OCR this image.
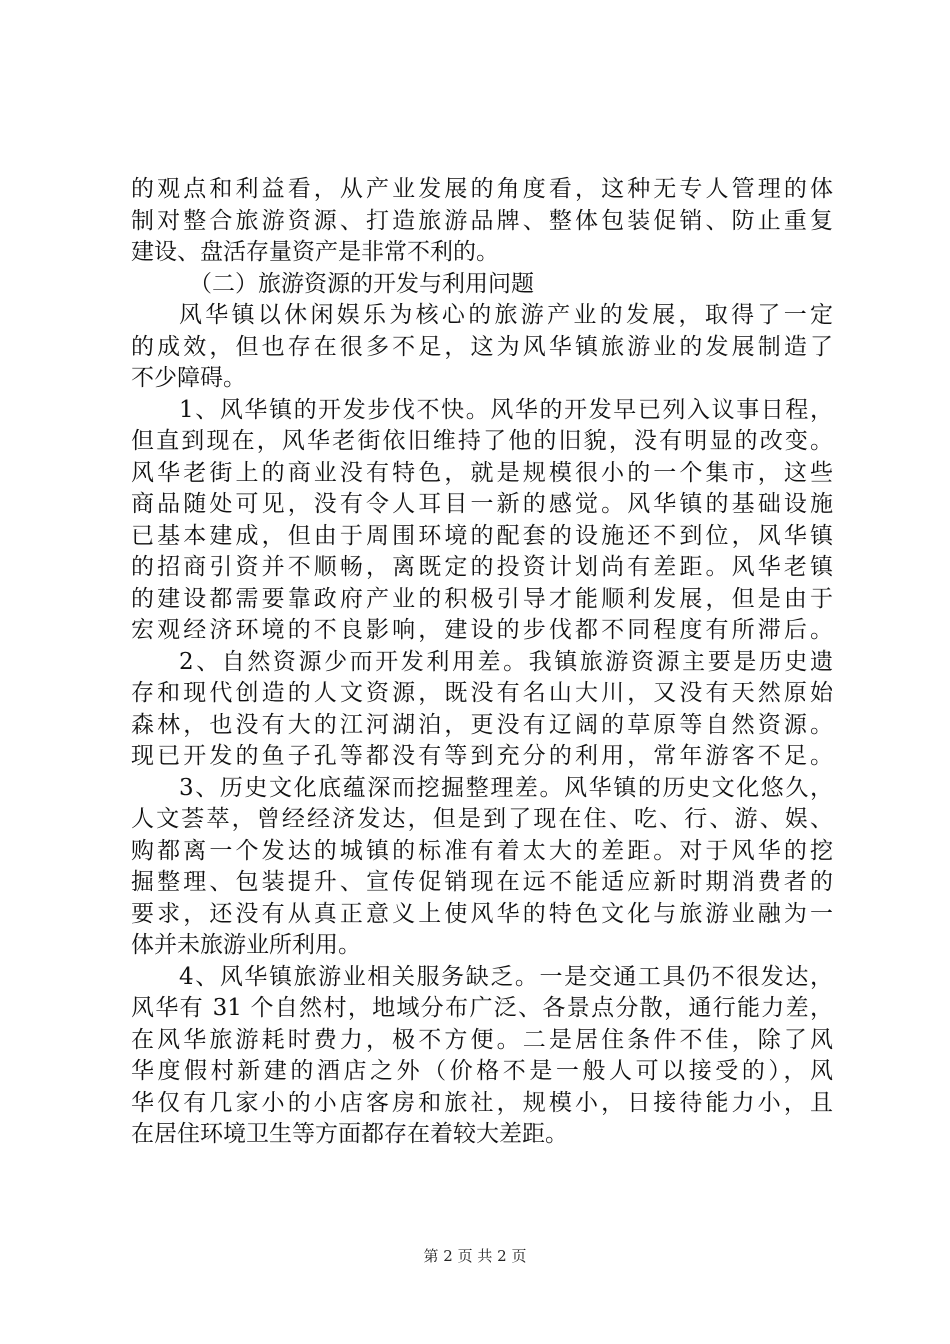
的观点和利益看，从产业发展的角度看，这种无专人管理的体
制对整合旅游资源、打造旅游品牌、整体包装促销、防止重复
建设、盘活存量资产是非常不利的。
（二）旅游资源的开发与利用问题
风华镇以休闲娱乐为核心的旅游产业的发展，取得了一定
的成效，但也存在很多不足，这为风华镇旅游业的发展制造了
不少障碍。
1、风华镇的开发步伐不快。风华的开发早已列入议事日程，
但直到现在，风华老街依旧维持了他的旧貌，没有明显的改变。
风华老街上的商业没有特色，就是规模很小的一个集市，这些
商品随处可见，没有令人耳目一新的感觉。风华镇的基础设施
已基本建成，但由于周围环境的配套的设施还不到位，风华镇
的招商引资并不顺畅，离既定的投资计划尚有差距。风华老镇
的建设都需要靠政府产业的积极引导才能顺利发展，但是由于
宏观经济环境的不良影响，建设的步伐都不同程度有所滞后。
2、自然资源少而开发利用差。我镇旅游资源主要是历史遗
存和现代创造的人文资源，既没有名山大川，又没有天然原始
森林，也没有大的江河湖泊，更没有辽阔的草原等自然资源。
现已开发的鱼子孔等都没有等到充分的利用，常年游客不足。
3、历史文化底蕴深而挖掘整理差。风华镇的历史文化悠久，
人文荟萃，曾经经济发达，但是到了现在住、吃、行、游、娱、
购都离一个发达的城镇的标准有着太大的差距。对于风华的挖
掘整理、包装提升、宣传促销现在远不能适应新时期消费者的
要求，还没有从真正意义上使风华的特色文化与旅游业融为一
体并未旅游业所利用。
4、风华镇旅游业相关服务缺乏。一是交通工具仍不很发达，
风华有 31 个自然村，地域分布广泛、各景点分散，通行能力差，
在风华旅游耗时费力，极不方便。二是居住条件不佳，除了风
华度假村新建的酒店之外（价格不是一般人可以接受的），风
华仅有几家小的小店客房和旅社，规模小，日接待能力小，且
在居住环境卫生等方面都存在着较大差距。
第 2 页 共 2 页
